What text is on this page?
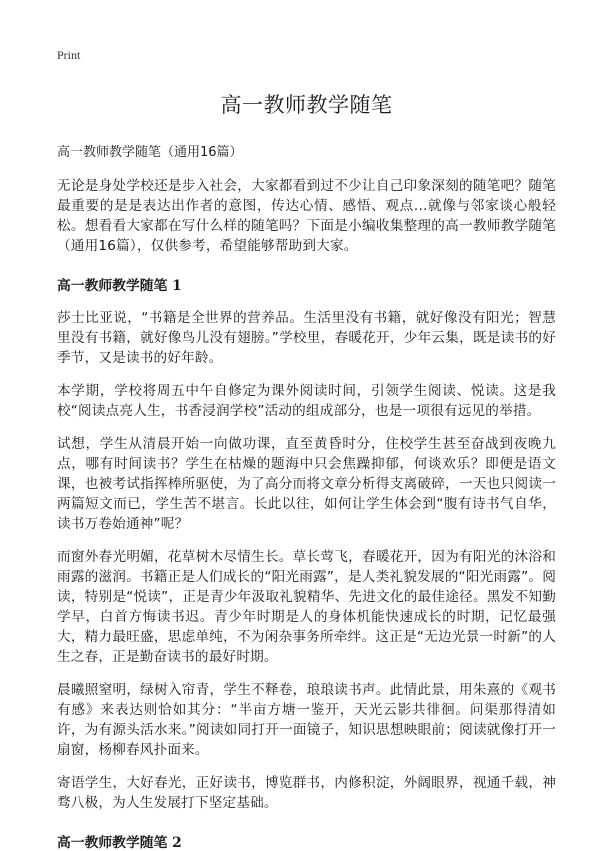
Print
高一教师教学随笔
高一教师教学随笔（通用16篇）

无论是身处学校还是步入社会，大家都看到过不少让自己印象深刻的随笔吧？随笔最重要的是是表达出作者的意图，传达心情、感悟、观点...就像与邻家谈心般轻松。想看看大家都在写什么样的随笔吗？下面是小编收集整理的高一教师教学随笔（通用16篇），仅供参考，希望能够帮助到大家。

高一教师教学随笔 1

莎士比亚说，“书籍是全世界的营养品。生活里没有书籍，就好像没有阳光；智慧里没有书籍，就好像鸟儿没有翅膀。”学校里，春暖花开，少年云集，既是读书的好季节，又是读书的好年龄。

本学期，学校将周五中午自修定为课外阅读时间，引领学生阅读、悦读。这是我校“阅读点亮人生，书香浸润学校”活动的组成部分，也是一项很有远见的举措。

试想，学生从清晨开始一向做功课，直至黄昏时分，住校学生甚至奋战到夜晚九点，哪有时间读书？学生在枯燥的题海中只会焦躁抑郁，何谈欢乐？即便是语文课，也被考试指挥棒所驱使，为了高分而将文章分析得支离破碎，一天也只阅读一两篇短文而已，学生苦不堪言。长此以往，如何让学生体会到“腹有诗书气自华，读书万卷始通神”呢？

而窗外春光明媚，花草树木尽情生长。草长莺飞，春暖花开，因为有阳光的沐浴和雨露的滋润。书籍正是人们成长的“阳光雨露”，是人类礼貌发展的“阳光雨露”。阅读，特别是“悦读”，正是青少年汲取礼貌精华、先进文化的最佳途径。黑发不知勤学早，白首方悔读书迟。青少年时期是人的身体机能快速成长的时期，记忆最强大，精力最旺盛，思虑单纯，不为闲杂事务所牵绊。这正是“无边光景一时新”的人生之春，正是勤奋读书的最好时期。

晨曦照窒明，绿树入帘青，学生不释卷，琅琅读书声。此情此景，用朱熹的《观书有感》来表达则恰如其分：“半亩方塘一鉴开，天光云影共徘徊。问渠那得清如许，为有源头活水来。”阅读如同打开一面镜子，知识思想映眼前；阅读就像打开一扇窗，杨柳春风扑面来。

寄语学生，大好春光，正好读书，博览群书，内修积淀，外阔眼界，视通千载，神骛八极，为人生发展打下坚定基础。

高一教师教学随笔 2
